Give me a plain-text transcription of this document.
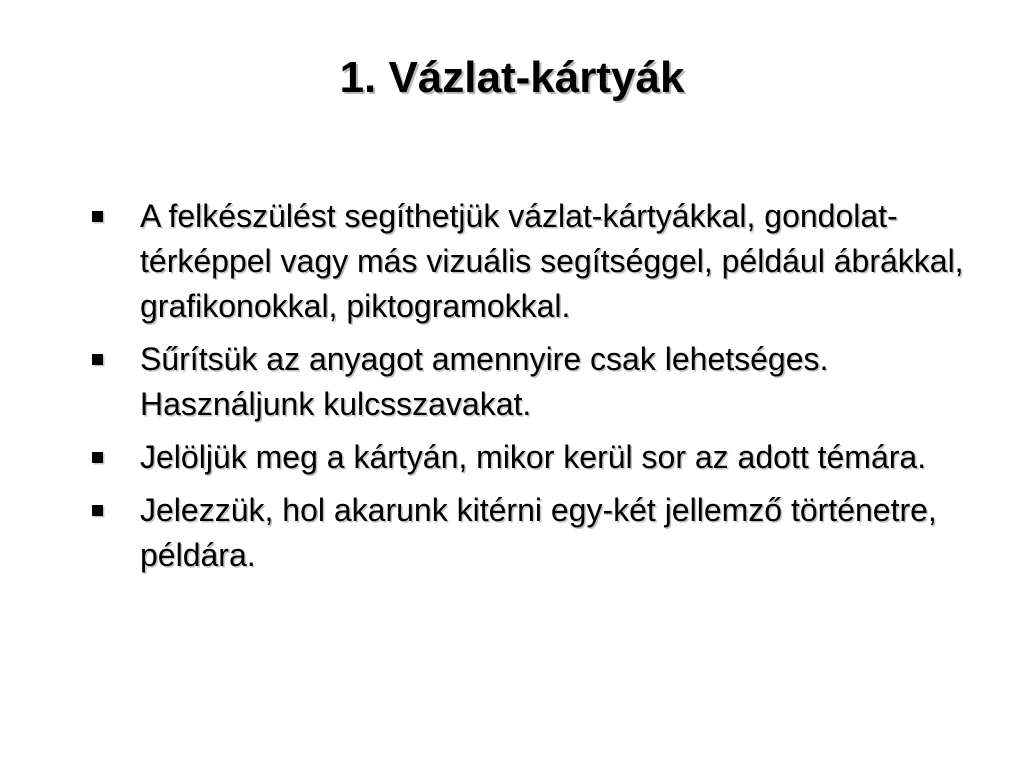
1. Vázlat-kártyák
A felkészülést segíthetjük vázlat-kártyákkal, gondolat-térképpel vagy más vizuális segítséggel, például ábrákkal, grafikonokkal, piktogramokkal.
Sűrítsük az anyagot amennyire csak lehetséges. Használjunk kulcsszavakat.
Jelöljük meg a kártyán, mikor kerül sor az adott témára.
Jelezzük, hol akarunk kitérni egy-két jellemző történetre, példára.
